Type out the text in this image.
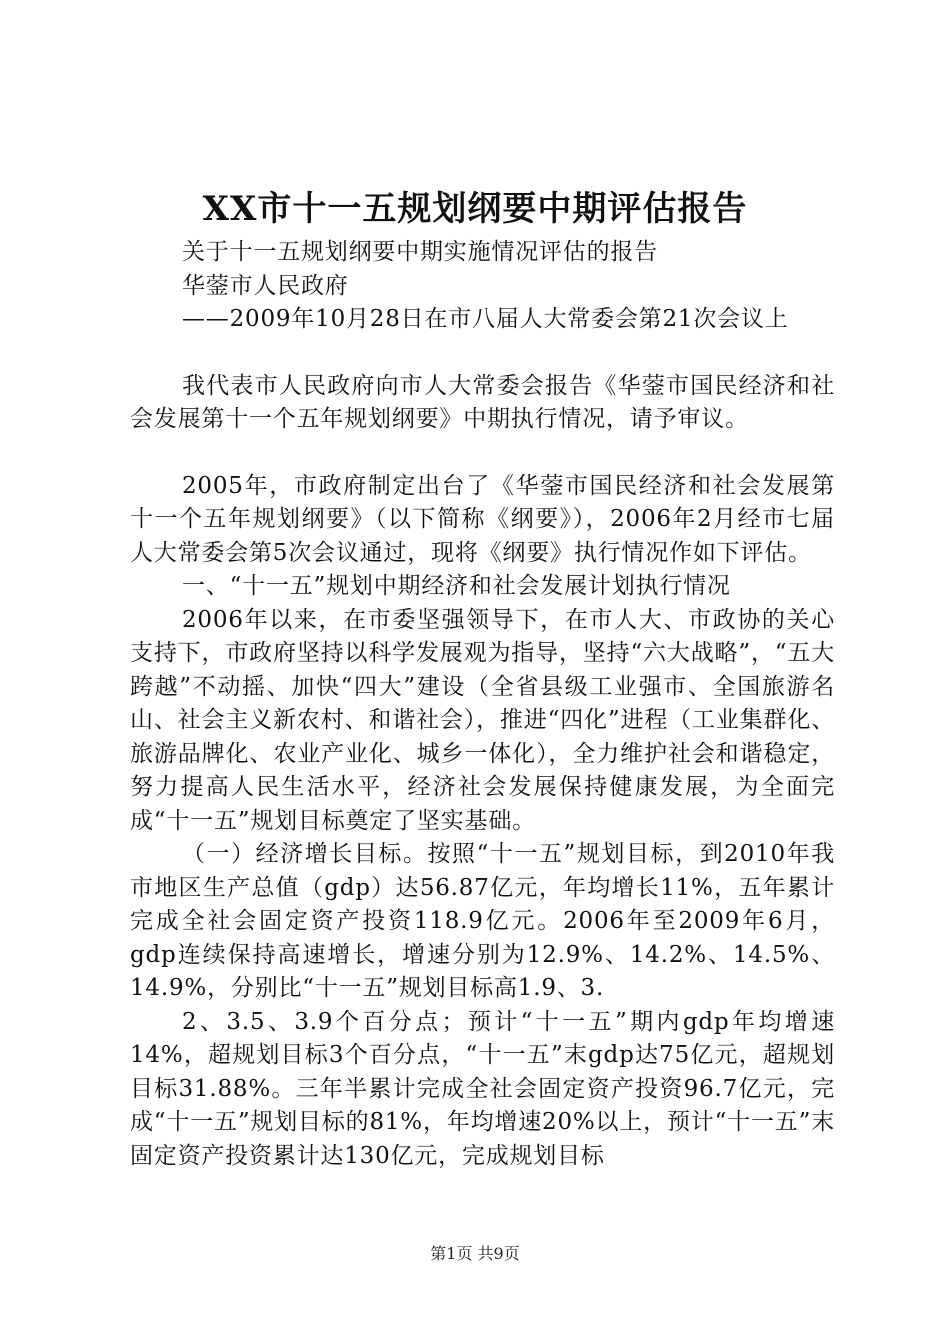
XX市十一五规划纲要中期评估报告

关于十一五规划纲要中期实施情况评估的报告

华蓥市人民政府

——2009年10月28日在市八届人大常委会第21次会议上

我代表市人民政府向市人大常委会报告《华蓥市国民经济和社会发展第十一个五年规划纲要》中期执行情况，请予审议。

2005年，市政府制定出台了《华蓥市国民经济和社会发展第十一个五年规划纲要》（以下简称《纲要》），2006年2月经市七届人大常委会第5次会议通过，现将《纲要》执行情况作如下评估。

一、“十一五”规划中期经济和社会发展计划执行情况

2006年以来，在市委坚强领导下，在市人大、市政协的关心支持下，市政府坚持以科学发展观为指导，坚持“六大战略”，“五大跨越”不动摇、加快“四大”建设（全省县级工业强市、全国旅游名山、社会主义新农村、和谐社会），推进“四化”进程（工业集群化、旅游品牌化、农业产业化、城乡一体化），全力维护社会和谐稳定，努力提高人民生活水平，经济社会发展保持健康发展，为全面完成“十一五”规划目标奠定了坚实基础。

（一）经济增长目标。按照“十一五”规划目标，到2010年我市地区生产总值（gdp）达56.87亿元，年均增长11%，五年累计完成全社会固定资产投资118.9亿元。2006年至2009年6月，gdp连续保持高速增长，增速分别为12.9%、14.2%、14.5%、14.9%，分别比“十一五”规划目标高1.9、3.

2、3.5、3.9个百分点；预计“十一五”期内gdp年均增速14%，超规划目标3个百分点，“十一五”末gdp达75亿元，超规划目标31.88%。三年半累计完成全社会固定资产投资96.7亿元，完成“十一五”规划目标的81%，年均增速20%以上，预计“十一五”末固定资产投资累计达130亿元，完成规划目标

第1页 共9页
